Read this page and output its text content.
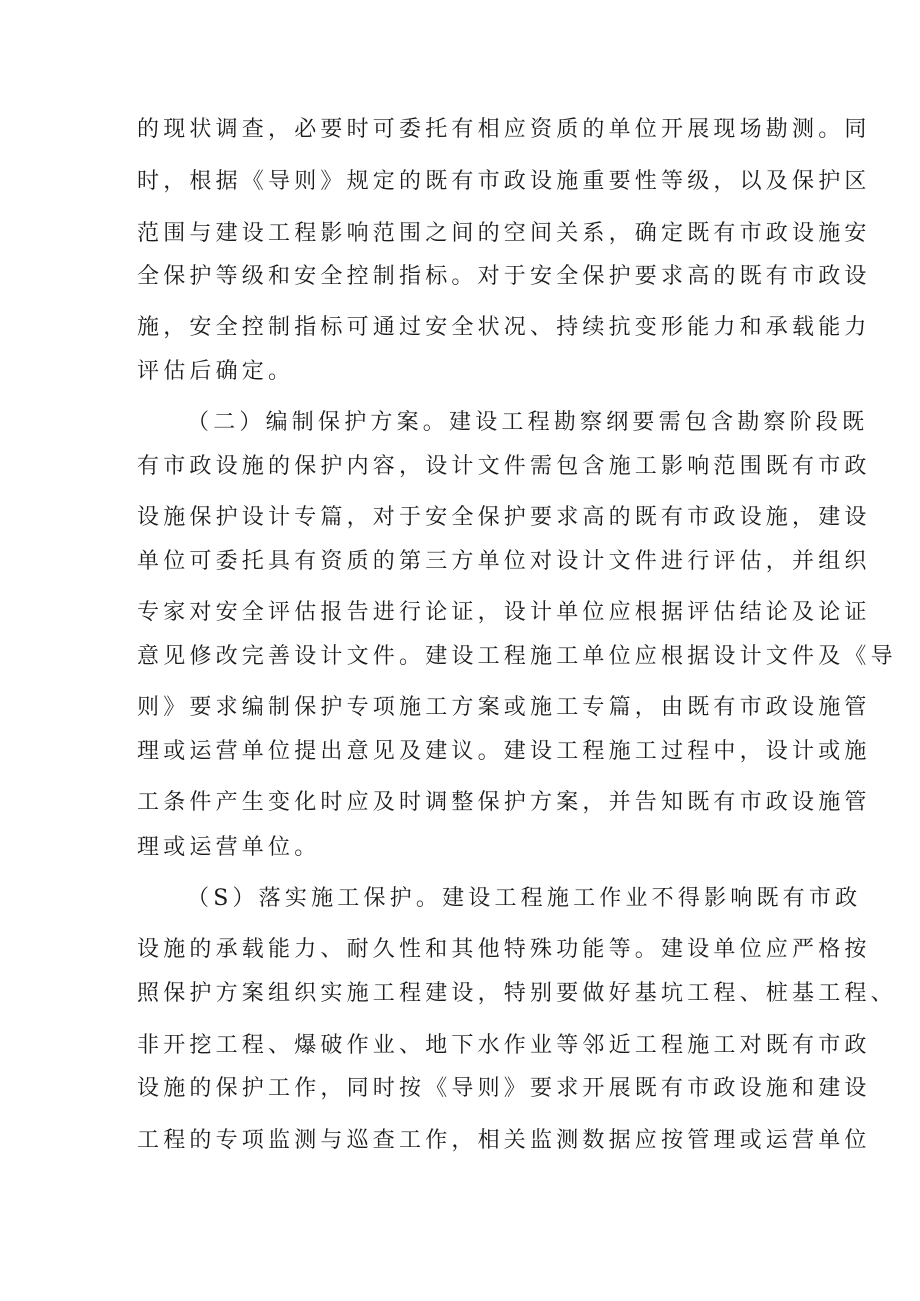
的现状调查，必要时可委托有相应资质的单位开展现场勘测。同
时，根据《导则》规定的既有市政设施重要性等级，以及保护区
范围与建设工程影响范围之间的空间关系，确定既有市政设施安
全保护等级和安全控制指标。对于安全保护要求高的既有市政设
施，安全控制指标可通过安全状况、持续抗变形能力和承载能力
评估后确定。
（二）编制保护方案。建设工程勘察纲要需包含勘察阶段既
有市政设施的保护内容，设计文件需包含施工影响范围既有市政
设施保护设计专篇，对于安全保护要求高的既有市政设施，建设
单位可委托具有资质的第三方单位对设计文件进行评估，并组织
专家对安全评估报告进行论证，设计单位应根据评估结论及论证
意见修改完善设计文件。建设工程施工单位应根据设计文件及《导
则》要求编制保护专项施工方案或施工专篇，由既有市政设施管
理或运营单位提出意见及建议。建设工程施工过程中，设计或施
工条件产生变化时应及时调整保护方案，并告知既有市政设施管
理或运营单位。
（S）落实施工保护。建设工程施工作业不得影响既有市政
设施的承载能力、耐久性和其他特殊功能等。建设单位应严格按
照保护方案组织实施工程建设，特别要做好基坑工程、桩基工程、
非开挖工程、爆破作业、地下水作业等邻近工程施工对既有市政
设施的保护工作，同时按《导则》要求开展既有市政设施和建设
工程的专项监测与巡查工作，相关监测数据应按管理或运营单位
